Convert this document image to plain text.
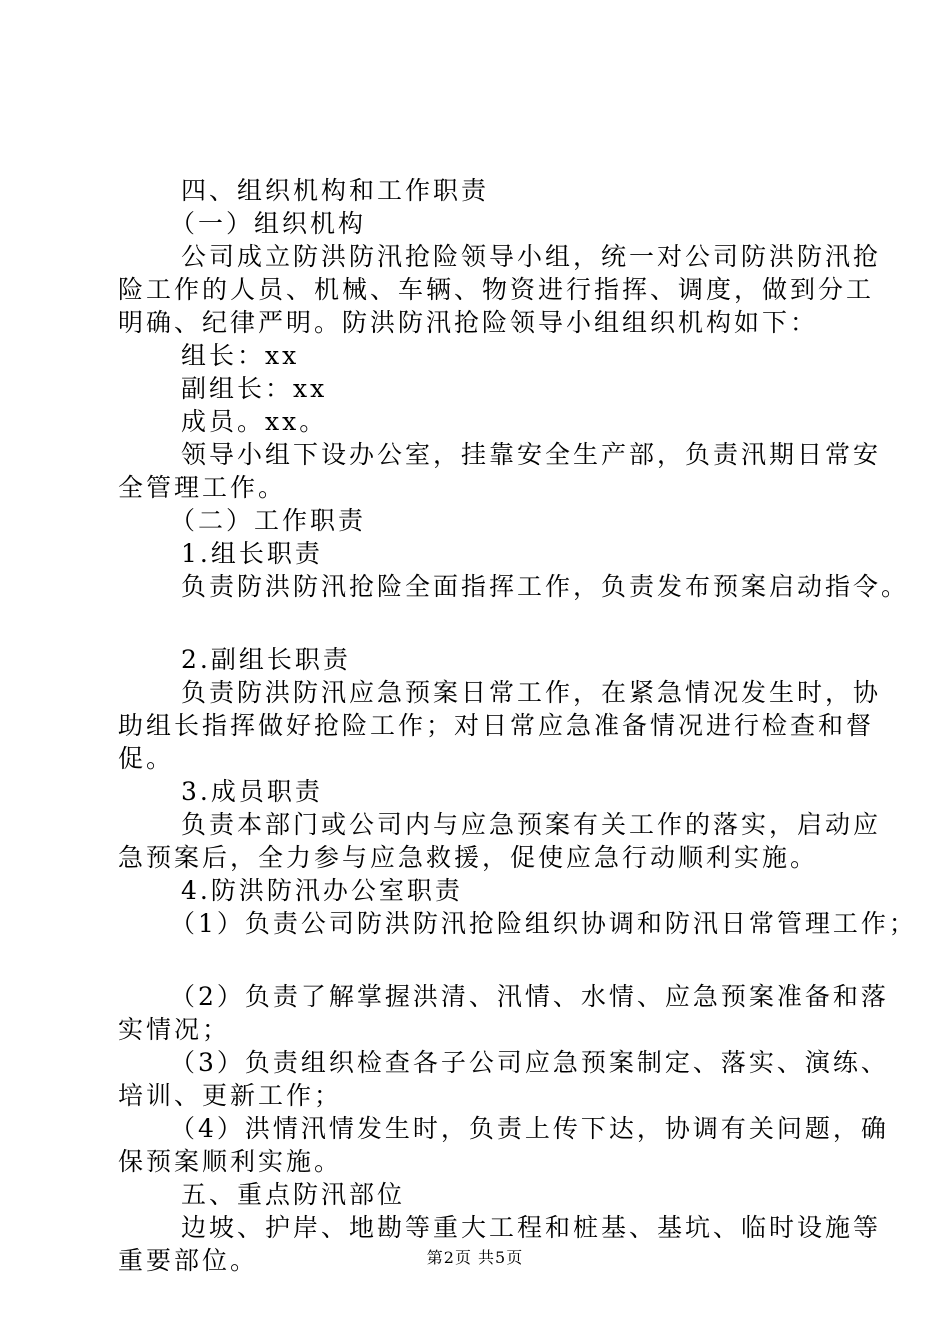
四、组织机构和工作职责
（一）组织机构
公司成立防洪防汛抢险领导小组，统一对公司防洪防汛抢
险工作的人员、机械、车辆、物资进行指挥、调度，做到分工
明确、纪律严明。防洪防汛抢险领导小组组织机构如下：
组长：xx
副组长：xx
成员。xx。
领导小组下设办公室，挂靠安全生产部，负责汛期日常安
全管理工作。
（二）工作职责
1.组长职责
负责防洪防汛抢险全面指挥工作，负责发布预案启动指令。
2.副组长职责
负责防洪防汛应急预案日常工作，在紧急情况发生时，协
助组长指挥做好抢险工作；对日常应急准备情况进行检查和督
促。
3.成员职责
负责本部门或公司内与应急预案有关工作的落实，启动应
急预案后，全力参与应急救援，促使应急行动顺利实施。
4.防洪防汛办公室职责
（1）负责公司防洪防汛抢险组织协调和防汛日常管理工作；
（2）负责了解掌握洪清、汛情、水情、应急预案准备和落
实情况；
（3）负责组织检查各子公司应急预案制定、落实、演练、
培训、更新工作；
（4）洪情汛情发生时，负责上传下达，协调有关问题，确
保预案顺利实施。
五、重点防汛部位
边坡、护岸、地勘等重大工程和桩基、基坑、临时设施等
重要部位。	第2页 共5页
